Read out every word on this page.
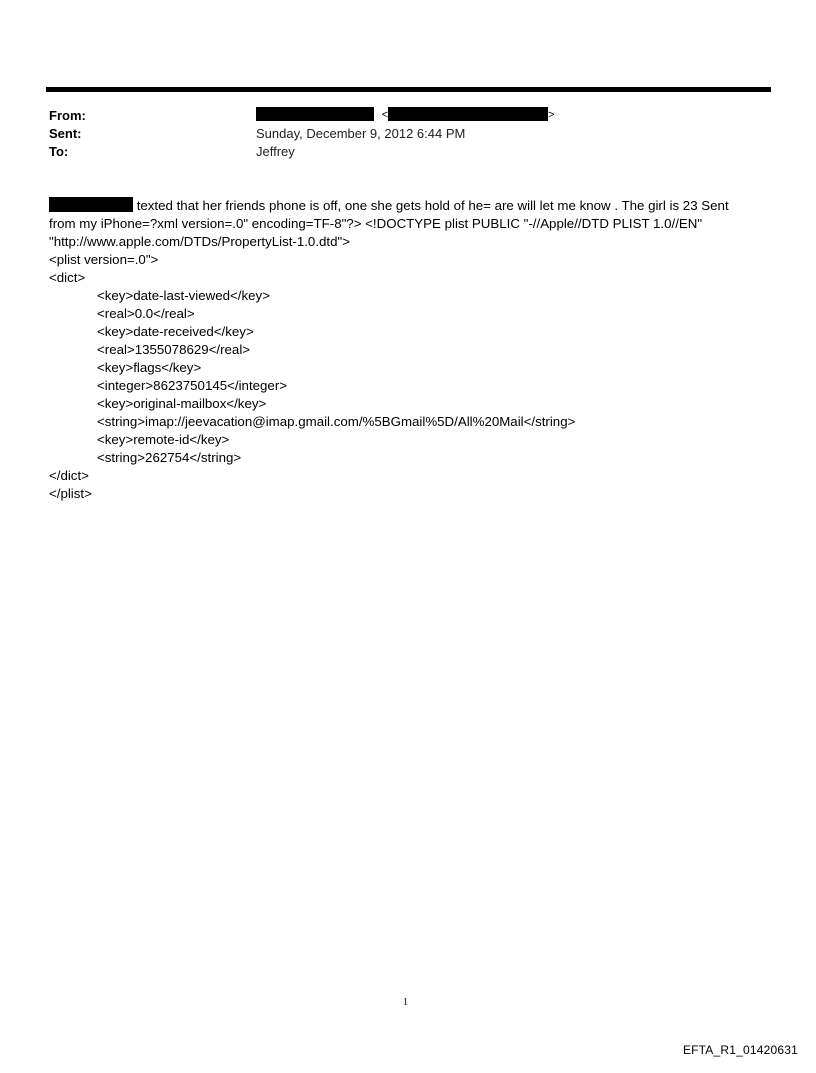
From:
Sent:
To:
<	>
Sunday, December 9, 2012 6:44 PM
Jeffrey
texted that her friends phone is off, one she gets hold of he= are will let me know . The girl is 23 Sent
from my iPhone=?xml version=.0" encoding=TF-8"?> <!DOCTYPE plist PUBLIC "-//Apple//DTD PLIST 1.0//EN"
"http://www.apple.com/DTDs/PropertyList-1.0.dtd">
<plist version=.0">
<dict>
<key>date-last-viewed</key>
<real>0.0</real>
<key>date-received</key>
<real>1355078629</real>
<key>flags</key>
<integer>8623750145</integer>
<key>original-mailbox</key>
<string>imap://jeevacation@imap.gmail.com/%5BGmail%5D/All%20Mail</string>
<key>remote-id</key>
<string>262754</string>
</dict>
</plist>
1
EFTA_R1_01420631
